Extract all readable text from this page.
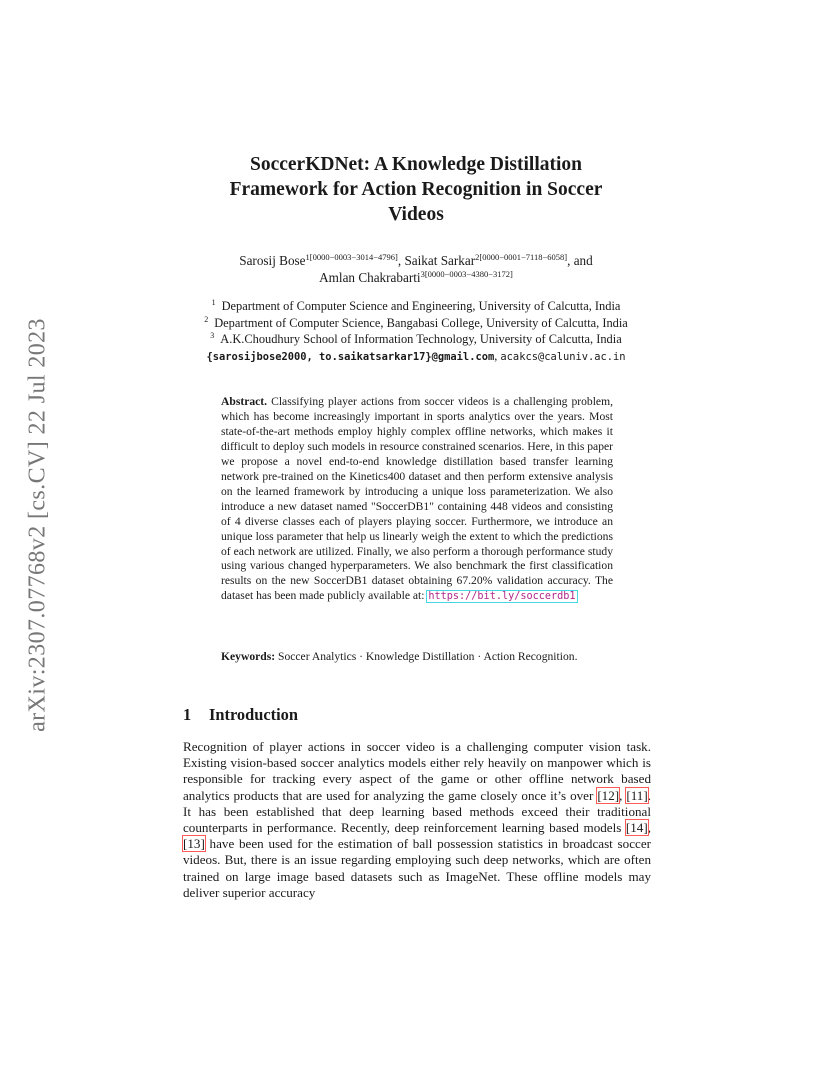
arXiv:2307.07768v2 [cs.CV] 22 Jul 2023
SoccerKDNet: A Knowledge Distillation
Framework for Action Recognition in Soccer
Videos
Sarosij Bose$^{1[0000-0003-3014-4796]}$, Saikat Sarkar$^{2[0000-0001-7118-6058]}$, and
Amlan Chakrabarti$^{3[0000-0003-4380-3172]}$
$^1$ Department of Computer Science and Engineering, University of Calcutta, India
$^2$ Department of Computer Science, Bangabasi College, University of Calcutta, India
$^3$ A.K.Choudhury School of Information Technology, University of Calcutta, India
{sarosijbose2000, to.saikatsarkar17}@gmail.com, acakcs@caluniv.ac.in
Abstract. Classifying player actions from soccer videos is a challenging problem, which has become increasingly important in sports analytics over the years. Most state-of-the-art methods employ highly complex offline networks, which makes it difficult to deploy such models in resource constrained scenarios. Here, in this paper we propose a novel end-to-end knowledge distillation based transfer learning network pre-trained on the Kinetics400 dataset and then perform extensive analysis on the learned framework by introducing a unique loss parameterization. We also introduce a new dataset named "SoccerDB1" containing 448 videos and consisting of 4 diverse classes each of players playing soccer. Furthermore, we introduce an unique loss parameter that help us linearly weigh the extent to which the predictions of each network are utilized. Finally, we also perform a thorough performance study using various changed hyperparameters. We also benchmark the first classification results on the new SoccerDB1 dataset obtaining 67.20% validation accuracy. The dataset has been made publicly available at: https://bit.ly/soccerdb1
Keywords: Soccer Analytics · Knowledge Distillation · Action Recognition.
1 Introduction
Recognition of player actions in soccer video is a challenging computer vision task. Existing vision-based soccer analytics models either rely heavily on manpower which is responsible for tracking every aspect of the game or other offline network based analytics products that are used for analyzing the game closely once it’s over [12], [11]. It has been established that deep learning based methods exceed their traditional counterparts in performance. Recently, deep reinforcement learning based models [14], [13] have been used for the estimation of ball possession statistics in broadcast soccer videos. But, there is an issue regarding employing such deep networks, which are often trained on large image based datasets such as ImageNet. These offline models may deliver superior accuracy
